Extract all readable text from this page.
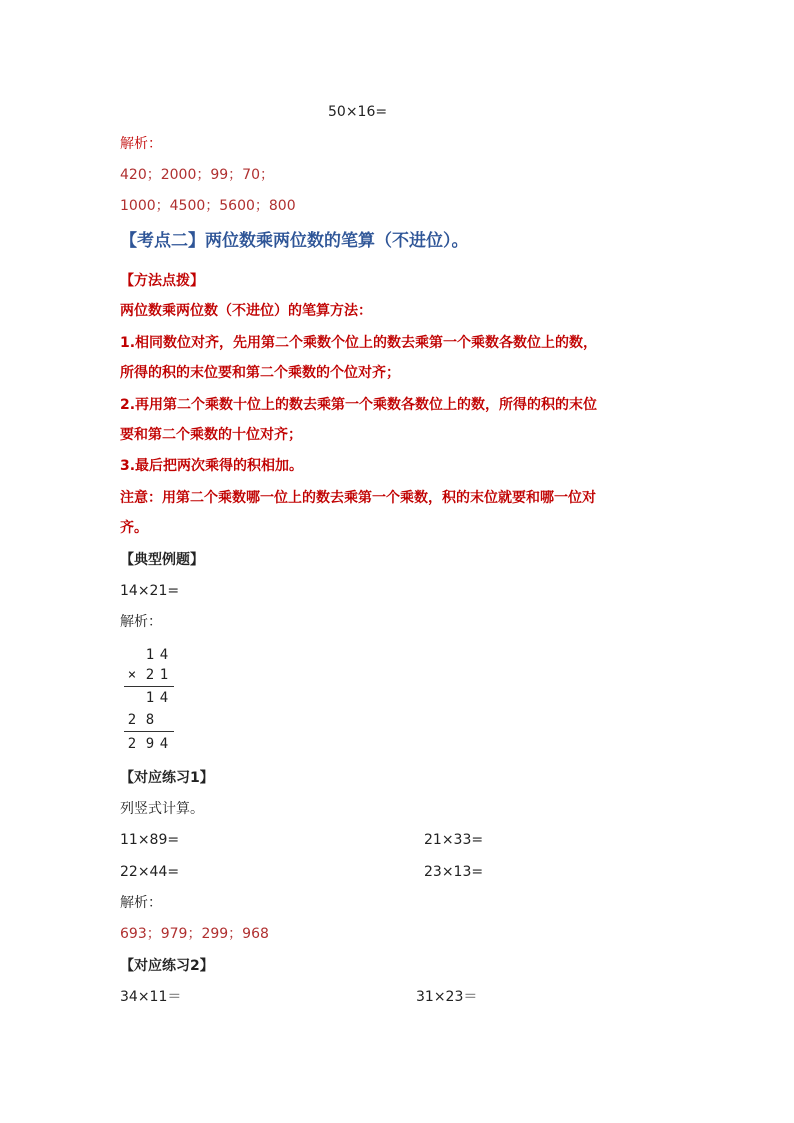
50×16=
解析：
420；2000；99；70；
1000；4500；5600；800
【考点二】两位数乘两位数的笔算（不进位）。
【方法点拨】
两位数乘两位数（不进位）的笔算方法：
1.相同数位对齐，先用第二个乘数个位上的数去乘第一个乘数各数位上的数，
所得的积的末位要和第二个乘数的个位对齐；
2.再用第二个乘数十位上的数去乘第一个乘数各数位上的数，所得的积的末位
要和第二个乘数的十位对齐；
3.最后把两次乘得的积相加。
注意：用第二个乘数哪一位上的数去乘第一个乘数，积的末位就要和哪一位对
齐。
【典型例题】
14×21=
解析：
1 4
× 2 1
1 4
2 8
2 9 4
【对应练习1】
列竖式计算。
11×89=	21×33=
22×44=	23×13=
解析：
693；979；299；968
【对应练习2】
34×11＝	31×23＝
